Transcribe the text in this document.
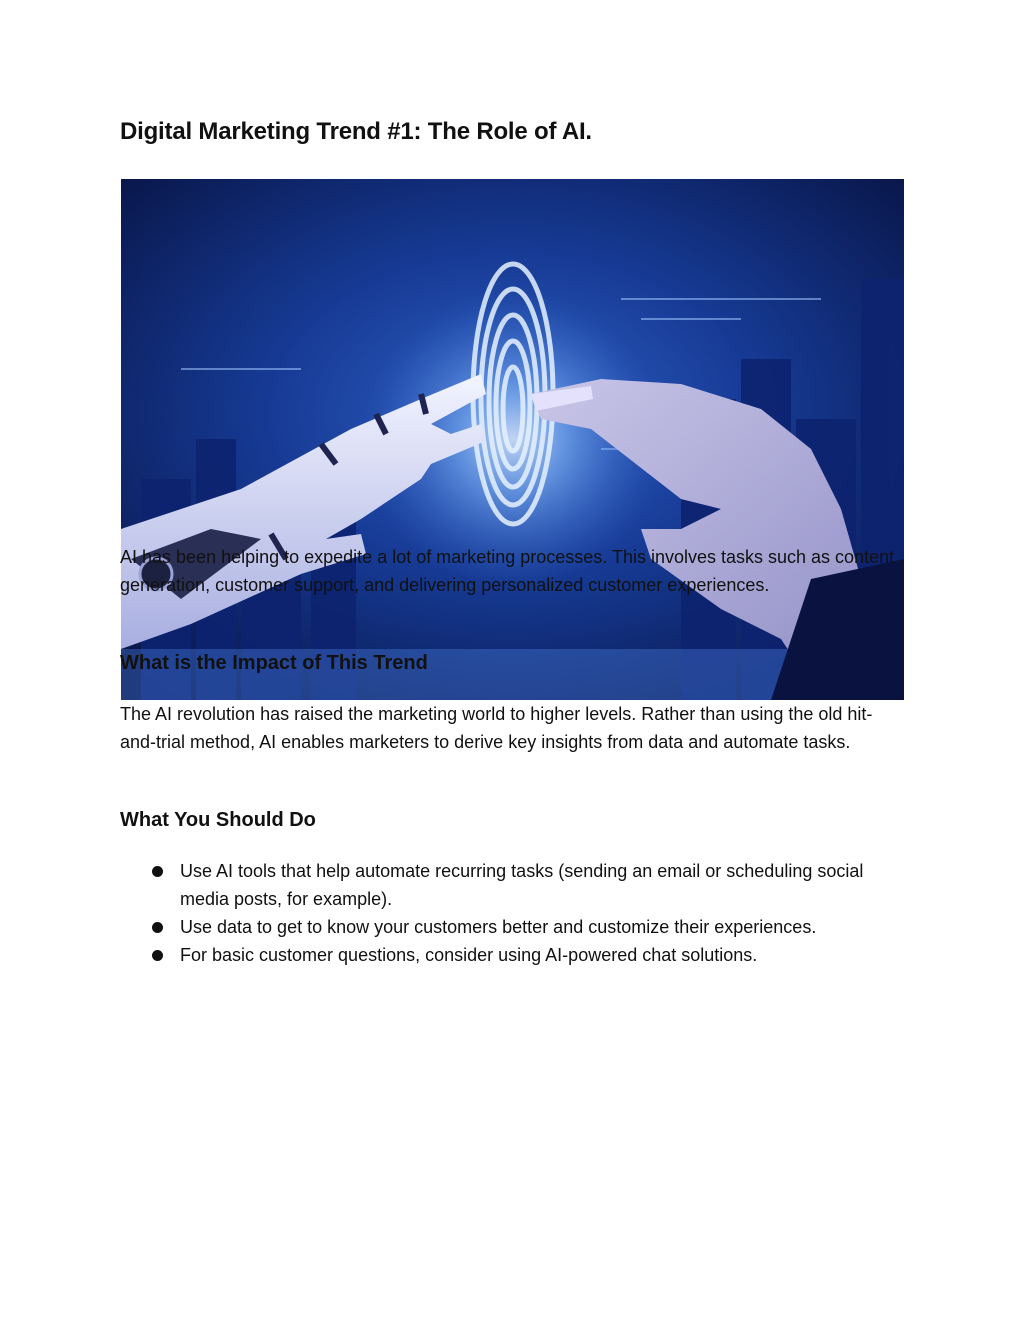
Digital Marketing Trend #1: The Role of AI.

AI has been helping to expedite a lot of marketing processes. This involves tasks such as content generation, customer support, and delivering personalized customer experiences.

What is the Impact of This Trend

The AI revolution has raised the marketing world to higher levels. Rather than using the old hit-and-trial method, AI enables marketers to derive key insights from data and automate tasks.

What You Should Do
Use AI tools that help automate recurring tasks (sending an email or scheduling social media posts, for example).
Use data to get to know your customers better and customize their experiences.
For basic customer questions, consider using AI-powered chat solutions.
